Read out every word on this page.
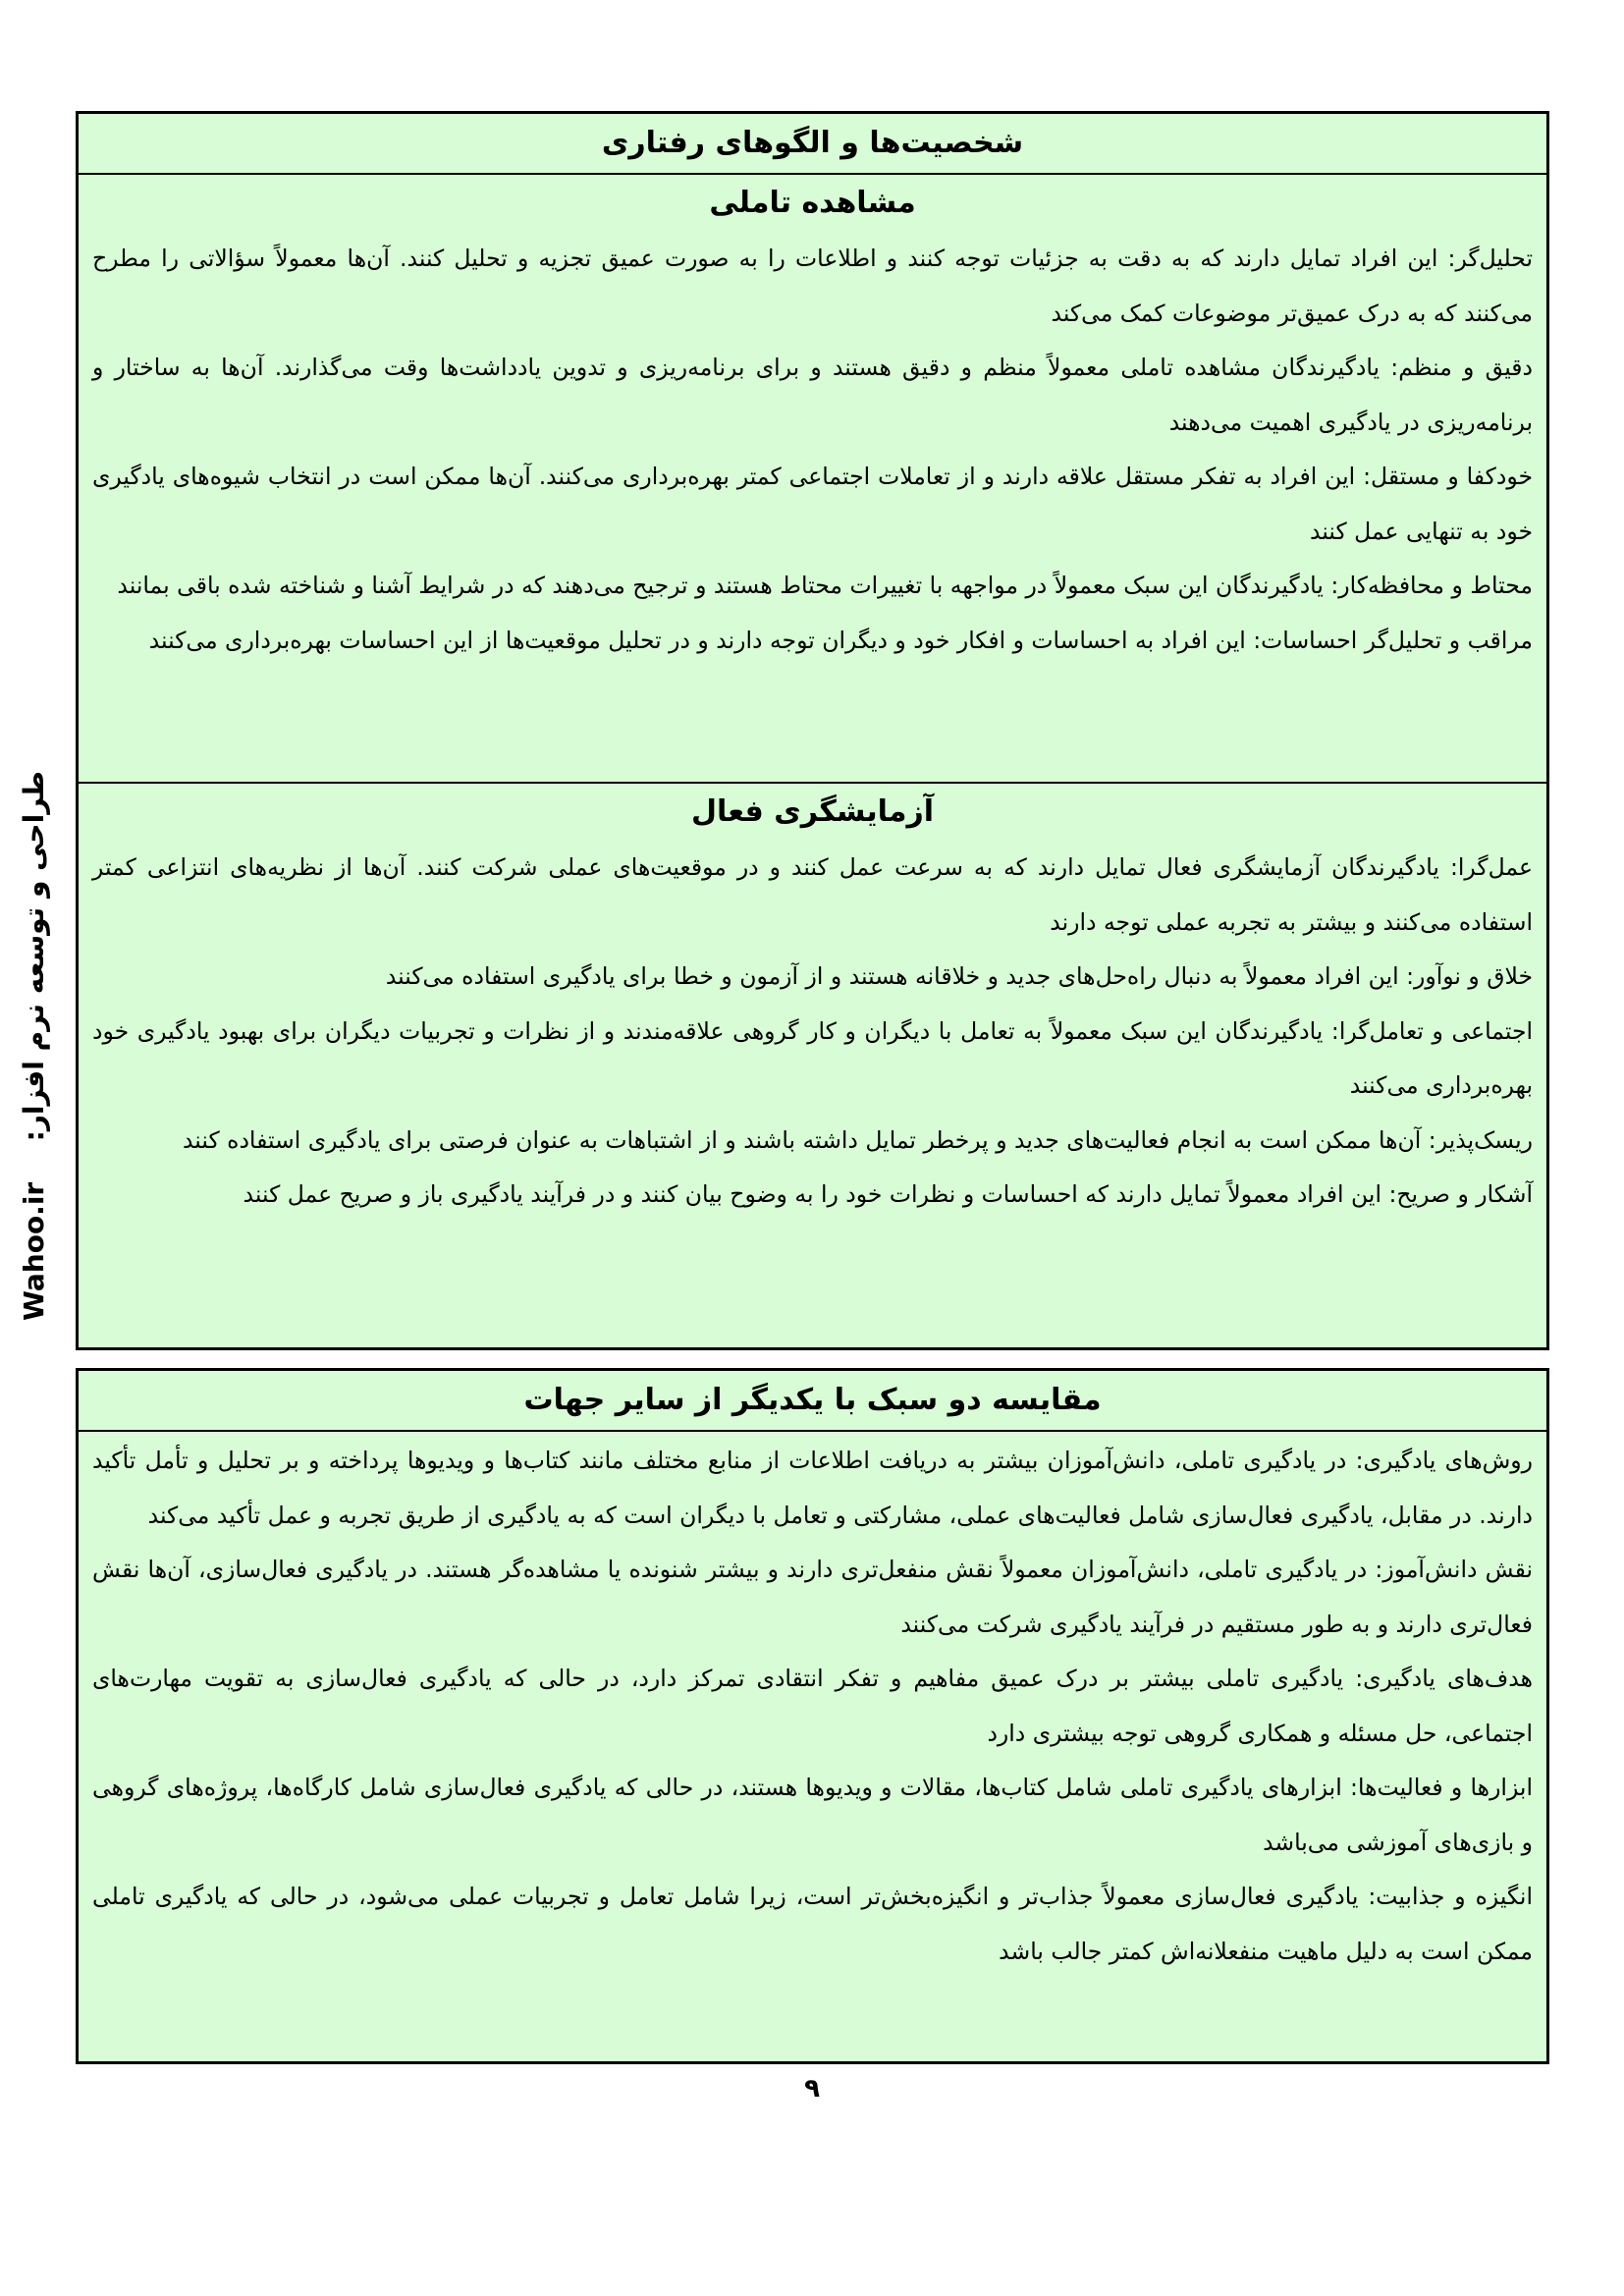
شخصیت‌ها و الگوهای رفتاری
مشاهده تاملی

تحلیل‌گر: این افراد تمایل دارند که به دقت به جزئیات توجه کنند و اطلاعات را به صورت عمیق تجزیه و تحلیل کنند. آن‌ها معمولاً سؤالاتی را مطرح می‌کنند که به درک عمیق‌تر موضوعات کمک می‌کند

دقیق و منظم: یادگیرندگان مشاهده تاملی معمولاً منظم و دقیق هستند و برای برنامه‌ریزی و تدوین یادداشت‌ها وقت می‌گذارند. آن‌ها به ساختار و برنامه‌ریزی در یادگیری اهمیت می‌دهند

خودکفا و مستقل: این افراد به تفکر مستقل علاقه دارند و از تعاملات اجتماعی کمتر بهره‌برداری می‌کنند. آن‌ها ممکن است در انتخاب شیوه‌های یادگیری خود به تنهایی عمل کنند

محتاط و محافظه‌کار: یادگیرندگان این سبک معمولاً در مواجهه با تغییرات محتاط هستند و ترجیح می‌دهند که در شرایط آشنا و شناخته شده باقی بمانند

مراقب و تحلیل‌گر احساسات: این افراد به احساسات و افکار خود و دیگران توجه دارند و در تحلیل موقعیت‌ها از این احساسات بهره‌برداری می‌کنند

آزمایشگری فعال

عمل‌گرا: یادگیرندگان آزمایشگری فعال تمایل دارند که به سرعت عمل کنند و در موقعیت‌های عملی شرکت کنند. آن‌ها از نظریه‌های انتزاعی کمتر استفاده می‌کنند و بیشتر به تجربه عملی توجه دارند

خلاق و نوآور: این افراد معمولاً به دنبال راه‌حل‌های جدید و خلاقانه هستند و از آزمون و خطا برای یادگیری استفاده می‌کنند

اجتماعی و تعامل‌گرا: یادگیرندگان این سبک معمولاً به تعامل با دیگران و کار گروهی علاقه‌مندند و از نظرات و تجربیات دیگران برای بهبود یادگیری خود بهره‌برداری می‌کنند

ریسک‌پذیر: آن‌ها ممکن است به انجام فعالیت‌های جدید و پرخطر تمایل داشته باشند و از اشتباهات به عنوان فرصتی برای یادگیری استفاده کنند

آشکار و صریح: این افراد معمولاً تمایل دارند که احساسات و نظرات خود را به وضوح بیان کنند و در فرآیند یادگیری باز و صریح عمل کنند

مقایسه دو سبک با یکدیگر از سایر جهات

روش‌های یادگیری: در یادگیری تاملی، دانش‌آموزان بیشتر به دریافت اطلاعات از منابع مختلف مانند کتاب‌ها و ویدیوها پرداخته و بر تحلیل و تأمل تأکید دارند. در مقابل، یادگیری فعال‌سازی شامل فعالیت‌های عملی، مشارکتی و تعامل با دیگران است که به یادگیری از طریق تجربه و عمل تأکید می‌کند

نقش دانش‌آموز: در یادگیری تاملی، دانش‌آموزان معمولاً نقش منفعل‌تری دارند و بیشتر شنونده یا مشاهده‌گر هستند. در یادگیری فعال‌سازی، آن‌ها نقش فعال‌تری دارند و به طور مستقیم در فرآیند یادگیری شرکت می‌کنند

هدف‌های یادگیری: یادگیری تاملی بیشتر بر درک عمیق مفاهیم و تفکر انتقادی تمرکز دارد، در حالی که یادگیری فعال‌سازی به تقویت مهارت‌های اجتماعی، حل مسئله و همکاری گروهی توجه بیشتری دارد

ابزارها و فعالیت‌ها: ابزارهای یادگیری تاملی شامل کتاب‌ها، مقالات و ویدیوها هستند، در حالی که یادگیری فعال‌سازی شامل کارگاه‌ها، پروژه‌های گروهی و بازی‌های آموزشی می‌باشد

انگیزه و جذابیت: یادگیری فعال‌سازی معمولاً جذاب‌تر و انگیزه‌بخش‌تر است، زیرا شامل تعامل و تجربیات عملی می‌شود، در حالی که یادگیری تاملی ممکن است به دلیل ماهیت منفعلانه‌اش کمتر جالب باشد

۹
Wahoo.ir
طراحی و توسعه نرم افزار:
